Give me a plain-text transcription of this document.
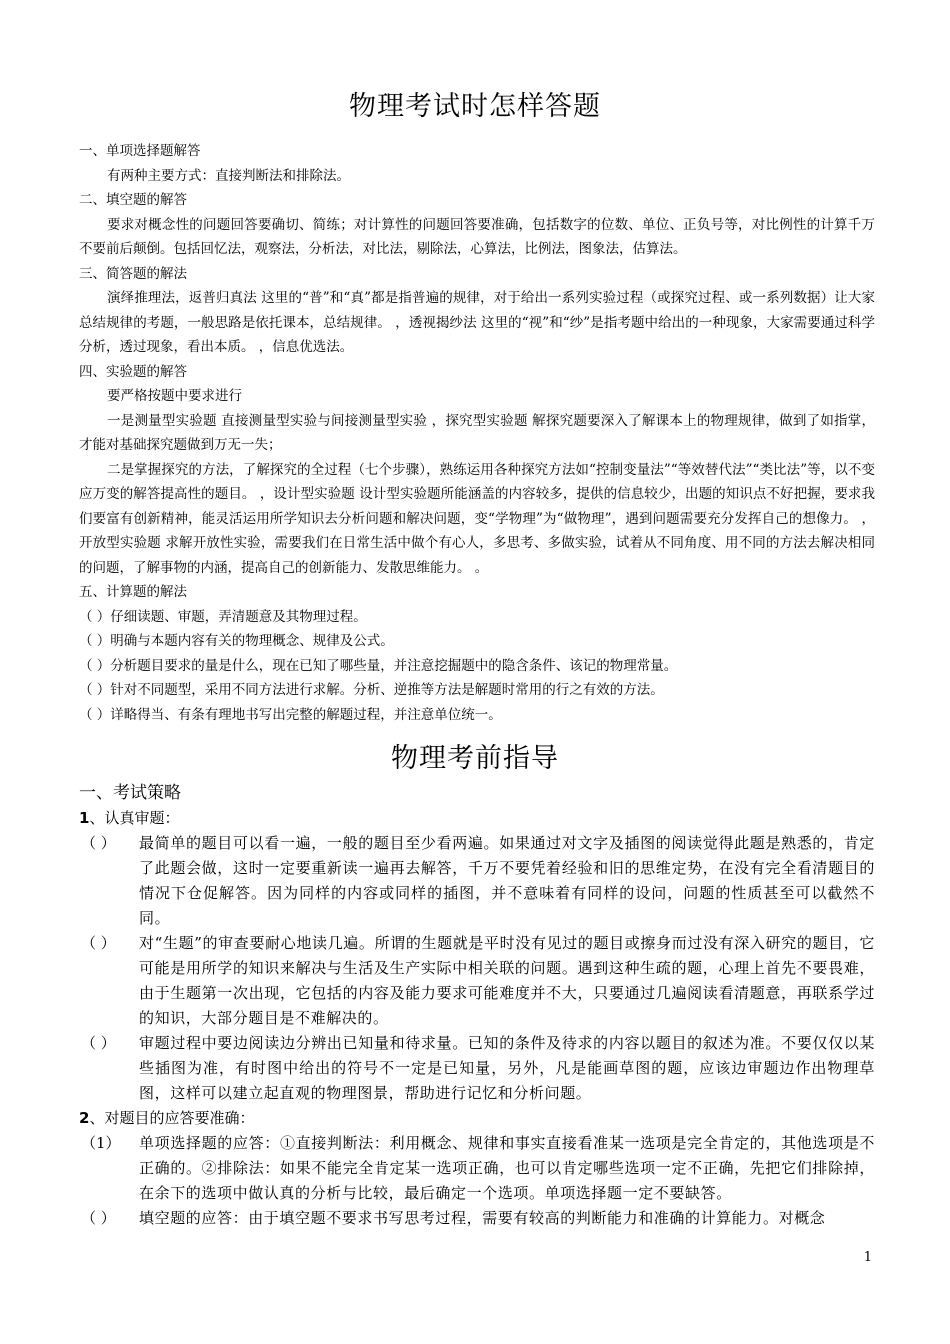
物理考试时怎样答题

一、单项选择题解答

有两种主要方式：直接判断法和排除法。

二、填空题的解答

要求对概念性的问题回答要确切、简练；对计算性的问题回答要准确，包括数字的位数、单位、正负号等，对比例性的计算千万不要前后颠倒。包括回忆法，观察法，分析法，对比法，剔除法，心算法，比例法，图象法，估算法。

三、简答题的解法

演绎推理法，返普归真法 这里的“普”和“真”都是指普遍的规律，对于给出一系列实验过程（或探究过程、或一系列数据）让大家总结规律的考题，一般思路是依托课本，总结规律。 ，透视揭纱法 这里的“视”和“纱”是指考题中给出的一种现象，大家需要通过科学分析，透过现象，看出本质。 ，信息优选法。

四、实验题的解答

要严格按题中要求进行

一是测量型实验题 直接测量型实验与间接测量型实验 ，探究型实验题 解探究题要深入了解课本上的物理规律，做到了如指掌，才能对基础探究题做到万无一失；

二是掌握探究的方法，了解探究的全过程（七个步骤），熟练运用各种探究方法如“控制变量法”“等效替代法”“类比法”等，以不变应万变的解答提高性的题目。 ，设计型实验题 设计型实验题所能涵盖的内容较多，提供的信息较少，出题的知识点不好把握，要求我们要富有创新精神，能灵活运用所学知识去分析问题和解决问题，变“学物理”为“做物理”，遇到问题需要充分发挥自己的想像力。 ，开放型实验题 求解开放性实验，需要我们在日常生活中做个有心人，多思考、多做实验，试着从不同角度、用不同的方法去解决相同的问题，了解事物的内涵，提高自己的创新能力、发散思维能力。 。

五、计算题的解法

（ ）仔细读题、审题，弄清题意及其物理过程。

（ ）明确与本题内容有关的物理概念、规律及公式。

（ ）分析题目要求的量是什么，现在已知了哪些量，并注意挖掘题中的隐含条件、该记的物理常量。

（ ）针对不同题型，采用不同方法进行求解。分析、逆推等方法是解题时常用的行之有效的方法。

（ ）详略得当、有条有理地书写出完整的解题过程，并注意单位统一。

物理考前指导

一、考试策略

1、认真审题：

（ ）	最简单的题目可以看一遍，一般的题目至少看两遍。如果通过对文字及插图的阅读觉得此题是熟悉的，肯定了此题会做，这时一定要重新读一遍再去解答，千万不要凭着经验和旧的思维定势，在没有完全看清题目的情况下仓促解答。因为同样的内容或同样的插图，并不意味着有同样的设问，问题的性质甚至可以截然不同。
（ ）	对“生题”的审查要耐心地读几遍。所谓的生题就是平时没有见过的题目或擦身而过没有深入研究的题目，它可能是用所学的知识来解决与生活及生产实际中相关联的问题。遇到这种生疏的题，心理上首先不要畏难，由于生题第一次出现，它包括的内容及能力要求可能难度并不大，只要通过几遍阅读看清题意，再联系学过的知识，大部分题目是不难解决的。
（ ）	审题过程中要边阅读边分辨出已知量和待求量。已知的条件及待求的内容以题目的叙述为准。不要仅仅以某些插图为准，有时图中给出的符号不一定是已知量，另外，凡是能画草图的题，应该边审题边作出物理草图，这样可以建立起直观的物理图景，帮助进行记忆和分析问题。

2、对题目的应答要准确：

（1）	单项选择题的应答：①直接判断法：利用概念、规律和事实直接看准某一选项是完全肯定的，其他选项是不正确的。②排除法：如果不能完全肯定某一选项正确，也可以肯定哪些选项一定不正确，先把它们排除掉，在余下的选项中做认真的分析与比较，最后确定一个选项。单项选择题一定不要缺答。
（ ）	填空题的应答：由于填空题不要求书写思考过程，需要有较高的判断能力和准确的计算能力。对概念
1
